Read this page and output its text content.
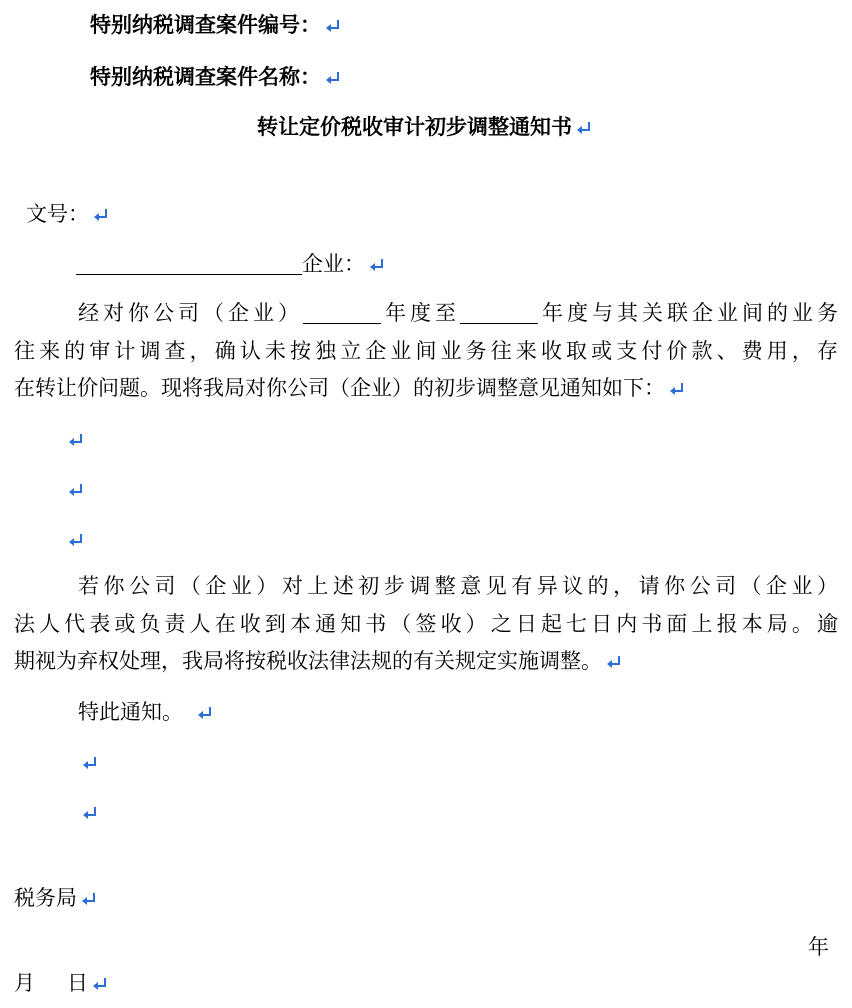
特别纳税调查案件编号：
特别纳税调查案件名称：
转让定价税收审计初步调整通知书
文号：
企业：
经对你公司（企业）	年度至	年度与其关联企业间的业务
往来的审计调查，确认未按独立企业间业务往来收取或支付价款、费用，存
在转让价问题。现将我局对你公司（企业）的初步调整意见通知如下：
若你公司（企业）对上述初步调整意见有异议的，请你公司（企业）
法人代表或负责人在收到本通知书（签收）之日起七日内书面上报本局。逾
期视为弃权处理，我局将按税收法律法规的有关规定实施调整。
特此通知。
税务局
年
月 日
